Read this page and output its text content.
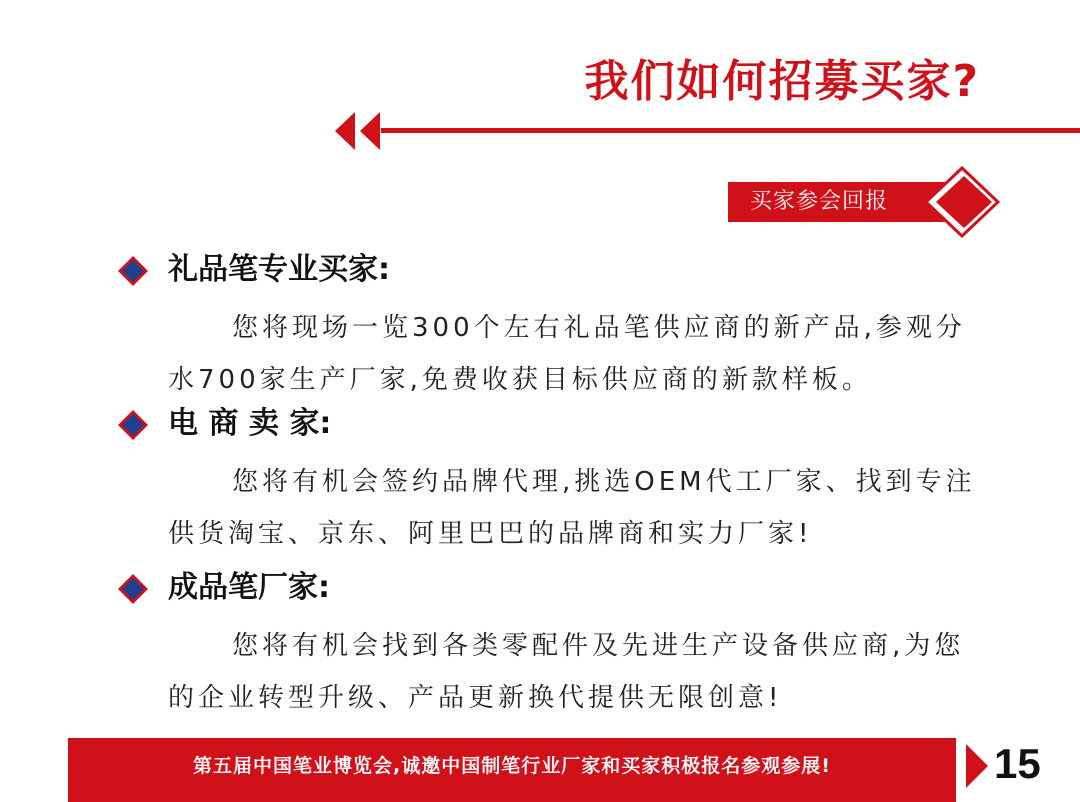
我们如何招募买家?
买家参会回报
礼品笔专业买家:
您将现场一览300个左右礼品笔供应商的新产品,参观分水700家生产厂家,免费收获目标供应商的新款样板。
电 商 卖 家:
您将有机会签约品牌代理,挑选OEM代工厂家、找到专注供货淘宝、京东、阿里巴巴的品牌商和实力厂家!
成品笔厂家:
您将有机会找到各类零配件及先进生产设备供应商,为您的企业转型升级、产品更新换代提供无限创意!
第五届中国笔业博览会,诚邀中国制笔行业厂家和买家积极报名参观参展!	15
